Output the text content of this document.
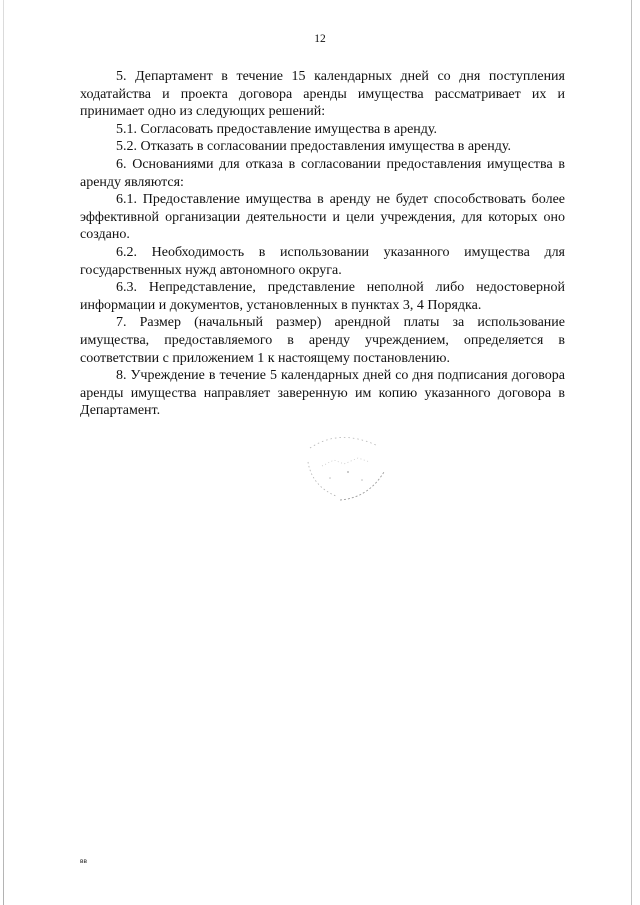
12

5. Департамент в течение 15 календарных дней со дня поступления ходатайства и проекта договора аренды имущества рассматривает их и принимает одно из следующих решений:

5.1. Согласовать предоставление имущества в аренду.

5.2. Отказать в согласовании предоставления имущества в аренду.

6. Основаниями для отказа в согласовании предоставления имущества в аренду являются:

6.1. Предоставление имущества в аренду не будет способствовать более эффективной организации деятельности и цели учреждения, для которых оно создано.

6.2. Необходимость в использовании указанного имущества для государственных нужд автономного округа.

6.3. Непредставление, представление неполной либо недостоверной информации и документов, установленных в пунктах 3, 4 Порядка.

7. Размер (начальный размер) арендной платы за использование имущества, предоставляемого в аренду учреждением, определяется в соответствии с приложением 1 к настоящему постановлению.

8. Учреждение в течение 5 календарных дней со дня подписания договора аренды имущества направляет заверенную им копию указанного договора в Департамент.

вв
